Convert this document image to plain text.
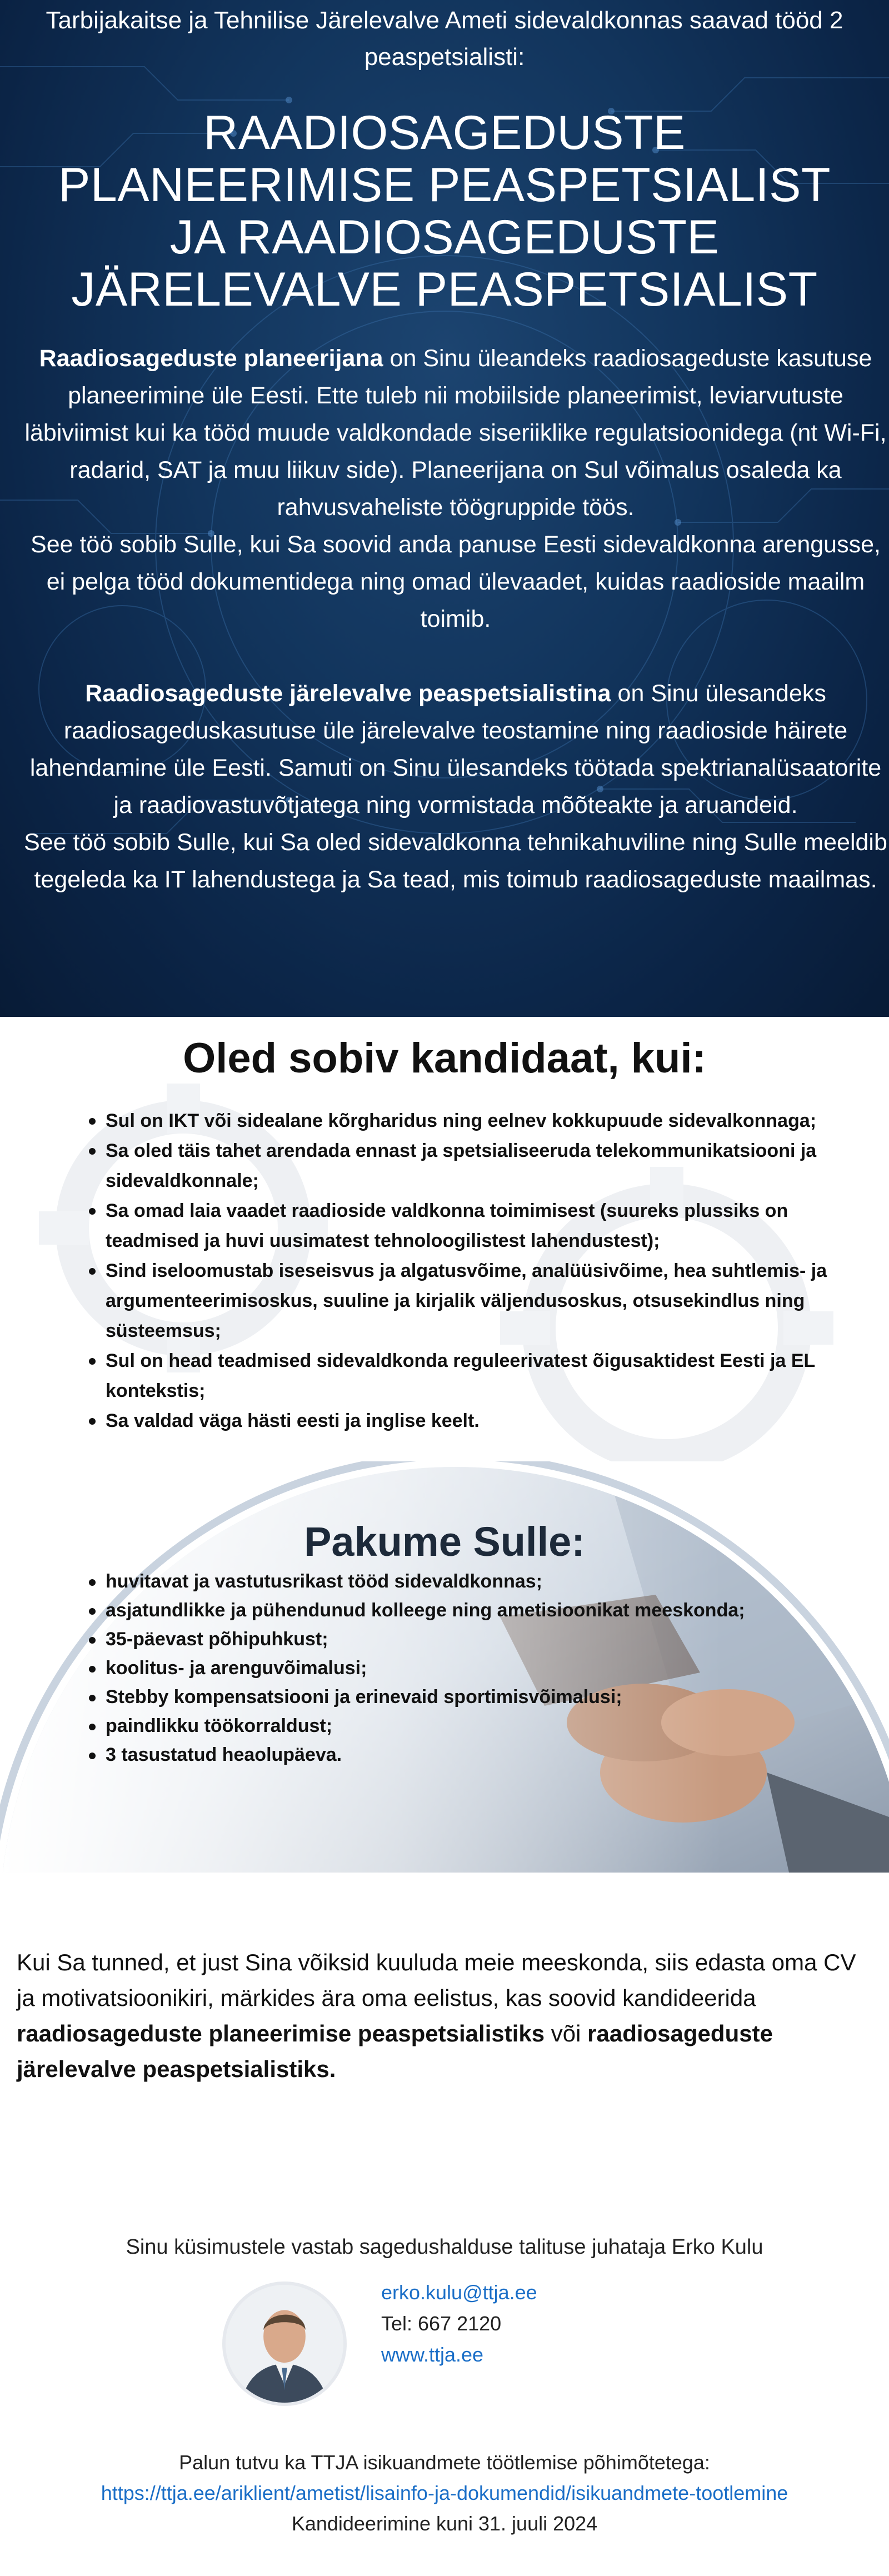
Tarbijakaitse ja Tehnilise Järelevalve Ameti sidevaldkonnas saavad tööd 2 peaspetsialisti:

RAADIOSAGEDUSTE PLANEERIMISE PEASPETSIALIST JA RAADIOSAGEDUSTE JÄRELEVALVE PEASPETSIALIST

Raadiosageduste planeerijana on Sinu üleandeks raadiosageduste kasutuse planeerimine üle Eesti. Ette tuleb nii mobiilside planeerimist, leviarvutuste läbiviimist kui ka tööd muude valdkondade siseriiklike regulatsioonidega (nt Wi-Fi, radarid, SAT ja muu liikuv side). Planeerijana on Sul võimalus osaleda ka rahvusvaheliste töögruppide töös.
See töö sobib Sulle, kui Sa soovid anda panuse Eesti sidevaldkonna arengusse, ei pelga tööd dokumentidega ning omad ülevaadet, kuidas raadioside maailm toimib.

Raadiosageduste järelevalve peaspetsialistina on Sinu ülesandeks raadiosageduskasutuse üle järelevalve teostamine ning raadioside häirete lahendamine üle Eesti. Samuti on Sinu ülesandeks töötada spektrianalüsaatorite ja raadiovastuvõtjatega ning vormistada mõõteakte ja aruandeid.
See töö sobib Sulle, kui Sa oled sidevaldkonna tehnikahuviline ning Sulle meeldib tegeleda ka IT lahendustega ja Sa tead, mis toimub raadiosageduste maailmas.

Oled sobiv kandidaat, kui:
Sul on IKT või sidealane kõrgharidus ning eelnev kokkupuude sidevalkonnaga;
Sa oled täis tahet arendada ennast ja spetsialiseeruda telekommunikatsiooni ja sidevaldkonnale;
Sa omad laia vaadet raadioside valdkonna toimimisest (suureks plussiks on teadmised ja huvi uusimatest tehnoloogilistest lahendustest);
Sind iseloomustab iseseisvus ja algatusvõime, analüüsivõime, hea suhtlemis- ja argumenteerimisoskus, suuline ja kirjalik väljendusoskus, otsusekindlus ning süsteemsus;
Sul on head teadmised sidevaldkonda reguleerivatest õigusaktidest Eesti ja EL kontekstis;
Sa valdad väga hästi eesti ja inglise keelt.
Pakume Sulle:
huvitavat ja vastutusrikast tööd sidevaldkonnas;
asjatundlikke ja pühendunud kolleege ning ametisioonikat meeskonda;
35-päevast põhipuhkust;
koolitus- ja arenguvõimalusi;
Stebby kompensatsiooni ja erinevaid sportimisvõimalusi;
paindlikku töökorraldust;
3 tasustatud heaolupäeva.

Kui Sa tunned, et just Sina võiksid kuuluda meie meeskonda, siis edasta oma CV ja motivatsioonikiri, märkides ära oma eelistus, kas soovid kandideerida raadiosageduste planeerimise peaspetsialistiks või raadiosageduste järelevalve peaspetsialistiks.

Sinu küsimustele vastab sagedushalduse talituse juhataja Erko Kulu

erko.kulu@ttja.ee
Tel: 667 2120
www.ttja.ee

Palun tutvu ka TTJA isikuandmete töötlemise põhimõtetega:

https://ttja.ee/ariklient/ametist/lisainfo-ja-dokumendid/isikuandmete-tootlemine

Kandideerimine kuni 31. juuli 2024
